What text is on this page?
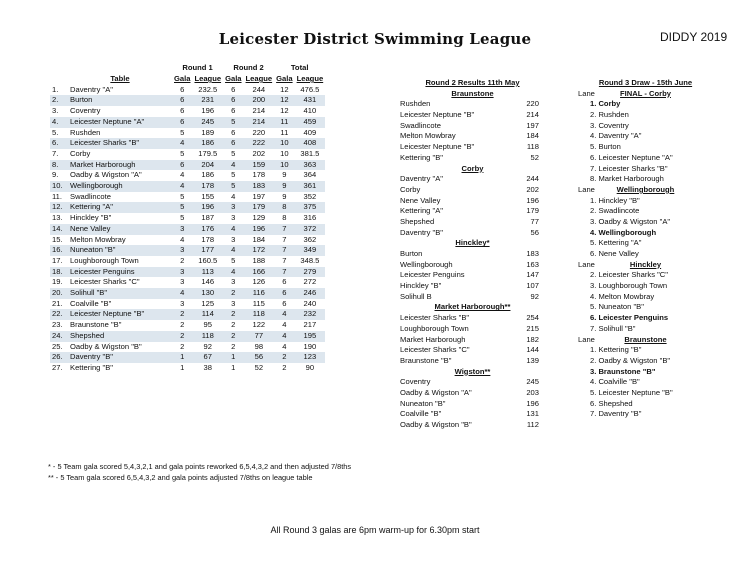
Leicester District Swimming League	DIDDY 2019
		Round 1		Round 2		Total	
	Table	Gala	League	Gala	League	Gala	League
1.	Daventry "A"	6	232.5	6	244	12	476.5
2.	Burton	6	231	6	200	12	431
3.	Coventry	6	196	6	214	12	410
4.	Leicester Neptune "A"	6	245	5	214	11	459
5.	Rushden	5	189	6	220	11	409
6.	Leicester Sharks "B"	4	186	6	222	10	408
7.	Corby	5	179.5	5	202	10	381.5
8.	Market Harborough	6	204	4	159	10	363
9.	Oadby & Wigston "A"	4	186	5	178	9	364
10.	Wellingborough	4	178	5	183	9	361
11.	Swadlincote	5	155	4	197	9	352
12.	Kettering "A"	5	196	3	179	8	375
13.	Hinckley "B"	5	187	3	129	8	316
14.	Nene Valley	3	176	4	196	7	372
15.	Melton Mowbray	4	178	3	184	7	362
16.	Nuneaton "B"	3	177	4	172	7	349
17.	Loughborough Town	2	160.5	5	188	7	348.5
18.	Leicester Penguins	3	113	4	166	7	279
19.	Leicester Sharks "C"	3	146	3	126	6	272
20.	Solihull "B"	4	130	2	116	6	246
21.	Coalville "B"	3	125	3	115	6	240
22.	Leicester Neptune "B"	2	114	2	118	4	232
23.	Braunstone "B"	2	95	2	122	4	217
24.	Shepshed	2	118	2	77	4	195
25.	Oadby & Wigston "B"	2	92	2	98	4	190
26.	Daventry "B"	1	67	1	56	2	123
27.	Kettering "B"	1	38	1	52	2	90
Round 2 Results 11th May
Braunstone
Rushden	220
Leicester Neptune "B"	214
Swadlincote	197
Melton Mowbray	184
Leicester Neptune "B"	118
Kettering "B"	52
Corby
Daventry "A"	244
Corby	202
Nene Valley	196
Kettering "A"	179
Shepshed	77
Daventry "B"	56
Hinckley*
Burton	183
Wellingborough	163
Leicester Penguins	147
Hinckley "B"	107
Solihull B	92
Market Harborough**
Leicester Sharks "B"	254
Loughborough Town	215
Market Harborough	182
Leicester Sharks "C"	144
Braunstone "B"	139
Wigston**
Coventry	245
Oadby & Wigston "A"	203
Nuneaton "B"	196
Coalville "B"	131
Oadby & Wigston "B"	112
Round 3 Draw - 15th June
Lane	FINAL - Corby
1. Corby
2. Rushden
3. Coventry
4. Daventry "A"
5. Burton
6. Leicester Neptune "A"
7. Leicester Sharks "B"
8. Market Harborough
Lane	Wellingborough
1. Hinckley "B"
2. Swadlincote
3. Oadby & Wigston "A"
4. Wellingborough
5. Kettering "A"
6. Nene Valley
Lane	Hinckley
2. Leicester Sharks "C"
3. Loughborough Town
4. Melton Mowbray
5. Nuneaton "B"
6. Leicester Penguins
7. Solihull "B"
Lane	Braunstone
1. Kettering "B"
2. Oadby & Wigston "B"
3. Braunstone "B"
4. Coalville "B"
5. Leicester Neptune "B"
6. Shepshed
7. Daventry "B"
* - 5 Team gala scored 5,4,3,2,1 and gala points reworked 6,5,4,3,2 and then adjusted 7/8ths
** - 5 Team gala scored 6,5,4,3,2 and gala points adjusted 7/8ths on league table
All Round 3 galas are 6pm warm-up for 6.30pm start
